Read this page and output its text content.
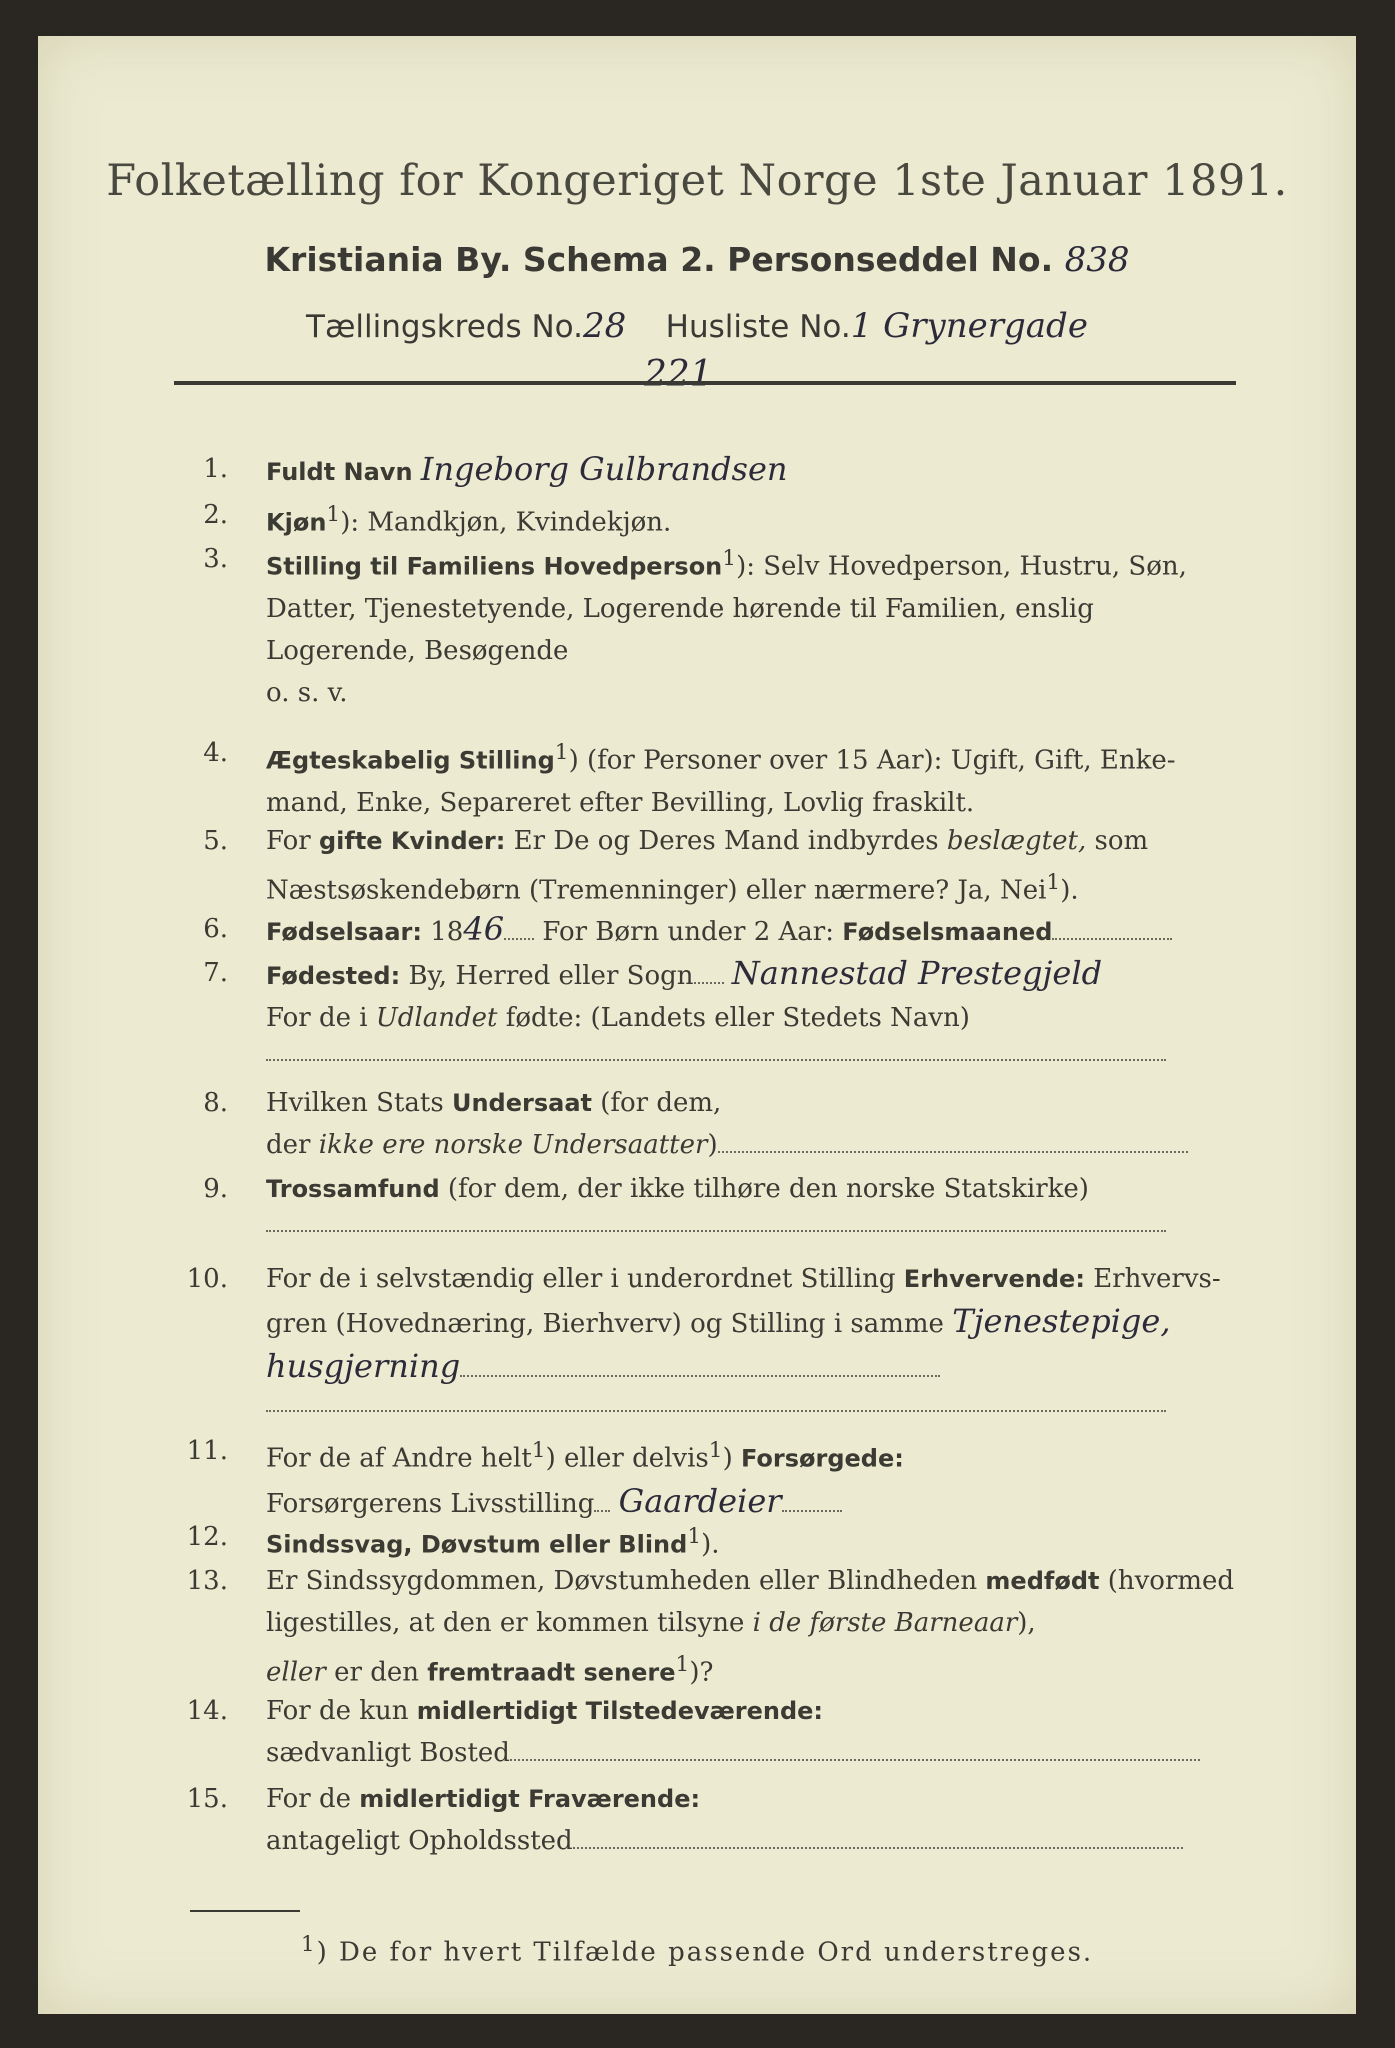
Folketælling for Kongeriget Norge 1ste Januar 1891.
Kristiania By. Schema 2. Personseddel No. 838
Tællingskreds No.28 Husliste No.1 Grynergade
221
1. Fuldt Navn Ingeborg Gulbrandsen
2. Kjøn$^1$): Mandkjøn, Kvindekjøn.
3. Stilling til Familiens Hovedperson$^1$): Selv Hovedperson, Hustru, Søn,
Datter, Tjenestetyende, Logerende hørende til Familien, enslig
Logerende, Besøgende
o. s. v.
4. Ægteskabelig Stilling$^1$) (for Personer over 15 Aar): Ugift, Gift, Enke-
mand, Enke, Separeret efter Bevilling, Lovlig fraskilt.
5. For gifte Kvinder: Er De og Deres Mand indbyrdes beslægtet, som
Næstsøskendebørn (Tremenninger) eller nærmere? Ja, Nei$^1$).
6. Fødselsaar: 1846 For Børn under 2 Aar: Fødselsmaaned
7. Fødested: By, Herred eller Sogn Nannestad Prestegjeld
For de i Udlandet fødte: (Landets eller Stedets Navn)
8. Hvilken Stats Undersaat (for dem,
der ikke ere norske Undersaatter)
9. Trossamfund (for dem, der ikke tilhøre den norske Statskirke)
10. For de i selvstændig eller i underordnet Stilling Erhvervende: Erhvervs-
gren (Hovednæring, Bierhverv) og Stilling i samme Tjenestepige,
husgjerning
11. For de af Andre helt$^1$) eller delvis$^1$) Forsørgede:
Forsørgerens Livsstilling Gaardeier
12. Sindssvag, Døvstum eller Blind$^1$).
13. Er Sindssygdommen, Døvstumheden eller Blindheden medfødt (hvormed
ligestilles, at den er kommen tilsyne i de første Barneaar),
eller er den fremtraadt senere$^1$)?
14. For de kun midlertidigt Tilstedeværende:
sædvanligt Bosted
15. For de midlertidigt Fraværende:
antageligt Opholdssted
$^1$) De for hvert Tilfælde passende Ord understreges.
